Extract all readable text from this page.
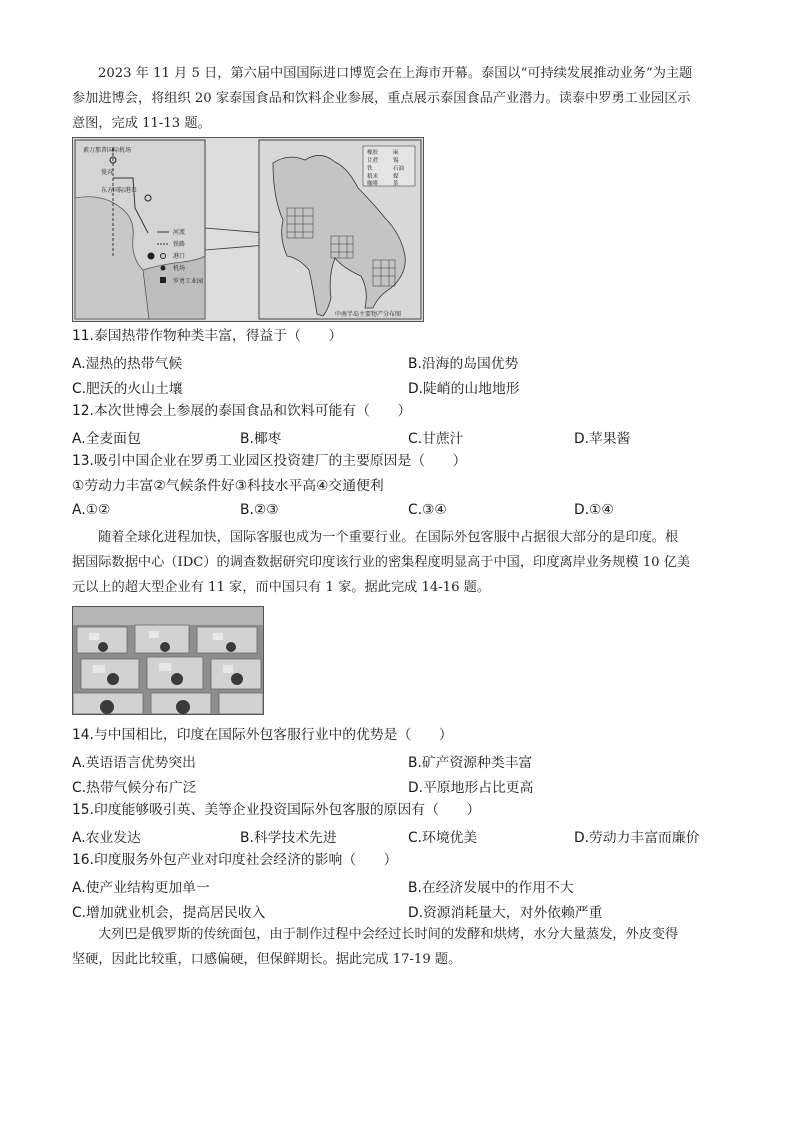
2023 年 11 月 5 日，第六届中国国际进口博览会在上海市开幕。泰国以“可持续发展推动业务”为主题
参加进博会，将组织 20 家泰国食品和饮料企业参展，重点展示泰国食品产业潜力。读泰中罗勇工业园区示
意图，完成 11-13 题。
素万那普国际机场
曼谷
东方国际港口
河流
铁路
港口
机场
罗勇工业园
橡胶	麻
甘蔗	锡
铁	石油
稻米	煤
咖啡	茶
中南半岛主要物产分布图
11.泰国热带作物种类丰富，得益于（　　）
A.湿热的热带气候	B.沿海的岛国优势
C.肥沃的火山土壤	D.陡峭的山地地形
12.本次世博会上参展的泰国食品和饮料可能有（　　）
A.全麦面包	B.椰枣	C.甘蔗汁	D.苹果酱
13.吸引中国企业在罗勇工业园区投资建厂的主要原因是（　　）
①劳动力丰富②气候条件好③科技水平高④交通便利
A.①②	B.②③	C.③④	D.①④
随着全球化进程加快，国际客服也成为一个重要行业。在国际外包客服中占据很大部分的是印度。根
据国际数据中心（IDC）的调查数据研究印度该行业的密集程度明显高于中国，印度离岸业务规模 10 亿美
元以上的超大型企业有 11 家，而中国只有 1 家。据此完成 14-16 题。
14.与中国相比，印度在国际外包客服行业中的优势是（　　）
A.英语语言优势突出	B.矿产资源种类丰富
C.热带气候分布广泛	D.平原地形占比更高
15.印度能够吸引英、美等企业投资国际外包客服的原因有（　　）
A.农业发达	B.科学技术先进	C.环境优美	D.劳动力丰富而廉价
16.印度服务外包产业对印度社会经济的影响（　　）
A.使产业结构更加单一	B.在经济发展中的作用不大
C.增加就业机会，提高居民收入	D.资源消耗量大，对外依赖严重
大列巴是俄罗斯的传统面包，由于制作过程中会经过长时间的发酵和烘烤，水分大量蒸发，外皮变得
坚硬，因此比较重，口感偏硬，但保鲜期长。据此完成 17-19 题。
